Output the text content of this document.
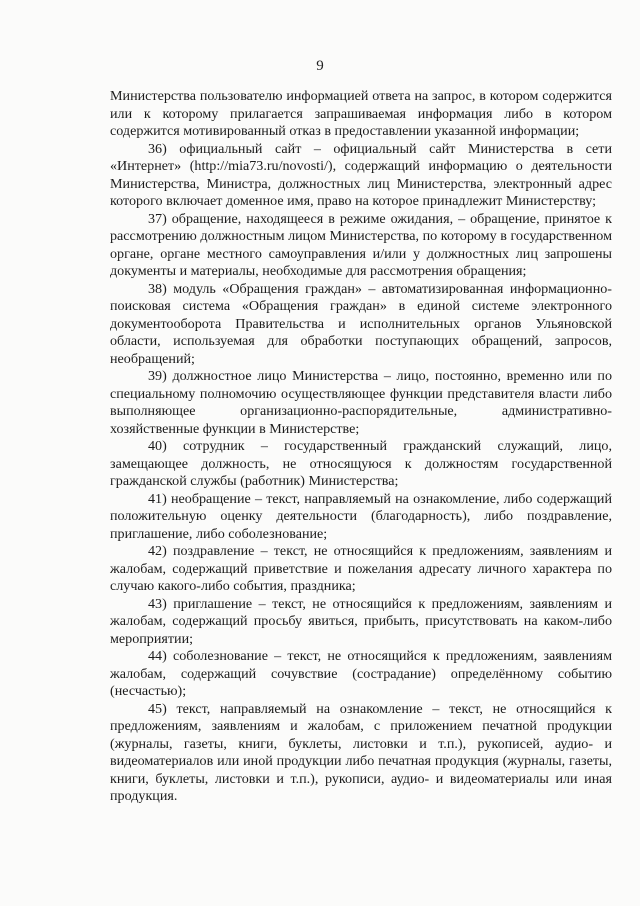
9

Министерства пользователю информацией ответа на запрос, в котором содержится или к которому прилагается запрашиваемая информация либо в котором содержится мотивированный отказ в предоставлении указанной информации;

36) официальный сайт – официальный сайт Министерства в сети «Интернет» (http://mia73.ru/novosti/), содержащий информацию о деятельности Министерства, Министра, должностных лиц Министерства, электронный адрес которого включает доменное имя, право на которое принадлежит Министерству;

37) обращение, находящееся в режиме ожидания, – обращение, принятое к рассмотрению должностным лицом Министерства, по которому в государственном органе, органе местного самоуправления и/или у должностных лиц запрошены документы и материалы, необходимые для рассмотрения обращения;

38) модуль «Обращения граждан» – автоматизированная информационно-поисковая система «Обращения граждан» в единой системе электронного документооборота Правительства и исполнительных органов Ульяновской области, используемая для обработки поступающих обращений, запросов, необращений;

39) должностное лицо Министерства – лицо, постоянно, временно или по специальному полномочию осуществляющее функции представителя власти либо выполняющее организационно-распорядительные, административно-хозяйственные функции в Министерстве;

40) сотрудник – государственный гражданский служащий, лицо, замещающее должность, не относящуюся к должностям государственной гражданской службы (работник) Министерства;

41) необращение – текст, направляемый на ознакомление, либо содержащий положительную оценку деятельности (благодарность), либо поздравление, приглашение, либо соболезнование;

42) поздравление – текст, не относящийся к предложениям, заявлениям и жалобам, содержащий приветствие и пожелания адресату личного характера по случаю какого-либо события, праздника;

43) приглашение – текст, не относящийся к предложениям, заявлениям и жалобам, содержащий просьбу явиться, прибыть, присутствовать на каком-либо мероприятии;

44) соболезнование – текст, не относящийся к предложениям, заявлениям жалобам, содержащий сочувствие (сострадание) определённому событию (несчастью);

45) текст, направляемый на ознакомление – текст, не относящийся к предложениям, заявлениям и жалобам, с приложением печатной продукции (журналы, газеты, книги, буклеты, листовки и т.п.), рукописей, аудио- и видеоматериалов или иной продукции либо печатная продукция (журналы, газеты, книги, буклеты, листовки и т.п.), рукописи, аудио- и видеоматериалы или иная продукция.
